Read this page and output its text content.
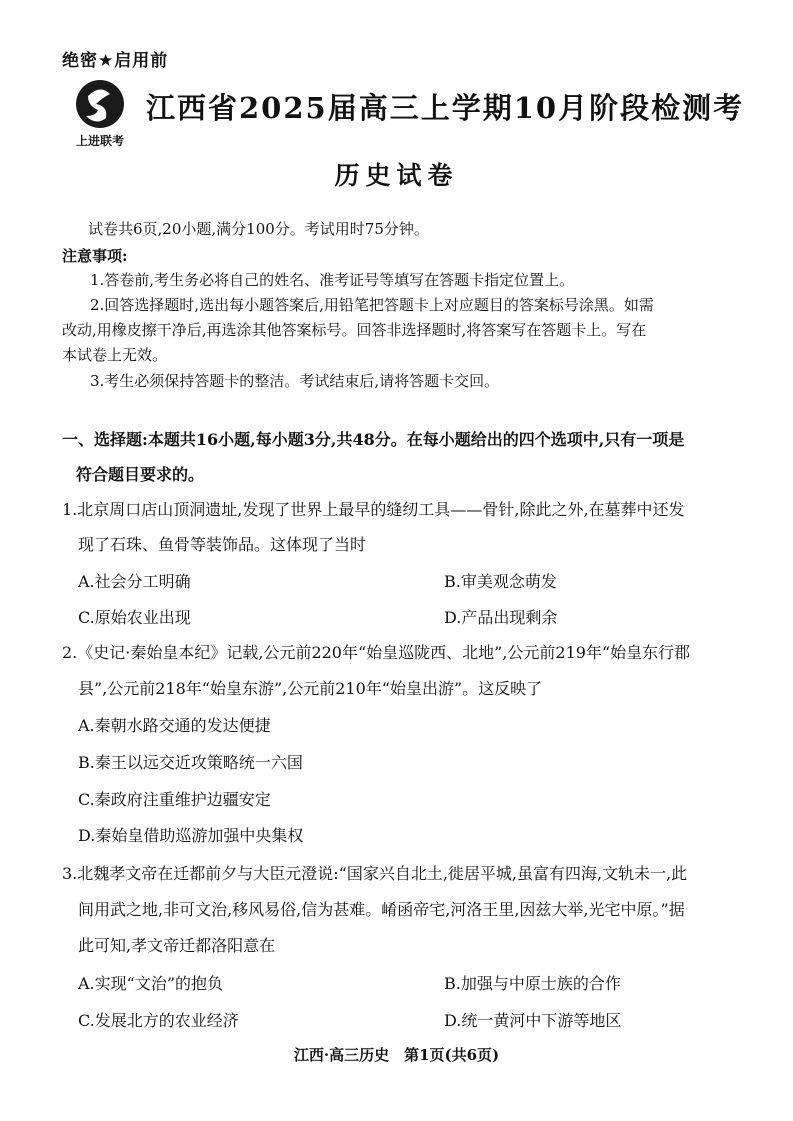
绝密★启用前
上进联考
江西省2025届高三上学期10月阶段检测考
历史试卷
试卷共6页,20小题,满分100分。考试用时75分钟。
注意事项:
1.答卷前,考生务必将自己的姓名、准考证号等填写在答题卡指定位置上。
2.回答选择题时,选出每小题答案后,用铅笔把答题卡上对应题目的答案标号涂黑。如需
改动,用橡皮擦干净后,再选涂其他答案标号。回答非选择题时,将答案写在答题卡上。写在
本试卷上无效。
3.考生必须保持答题卡的整洁。考试结束后,请将答题卡交回。
一、选择题:本题共16小题,每小题3分,共48分。在每小题给出的四个选项中,只有一项是
符合题目要求的。
1.北京周口店山顶洞遗址,发现了世界上最早的缝纫工具——骨针,除此之外,在墓葬中还发
现了石珠、鱼骨等装饰品。这体现了当时
A.社会分工明确	B.审美观念萌发
C.原始农业出现	D.产品出现剩余
2.《史记·秦始皇本纪》记载,公元前220年“始皇巡陇西、北地”,公元前219年“始皇东行郡
县”,公元前218年“始皇东游”,公元前210年“始皇出游”。这反映了
A.秦朝水路交通的发达便捷
B.秦王以远交近攻策略统一六国
C.秦政府注重维护边疆安定
D.秦始皇借助巡游加强中央集权
3.北魏孝文帝在迁都前夕与大臣元澄说:“国家兴自北土,徙居平城,虽富有四海,文轨未一,此
间用武之地,非可文治,移风易俗,信为甚难。崤函帝宅,河洛王里,因兹大举,光宅中原。”据
此可知,孝文帝迁都洛阳意在
A.实现“文治”的抱负	B.加强与中原士族的合作
C.发展北方的农业经济	D.统一黄河中下游等地区
江西·高三历史　第1页(共6页)
